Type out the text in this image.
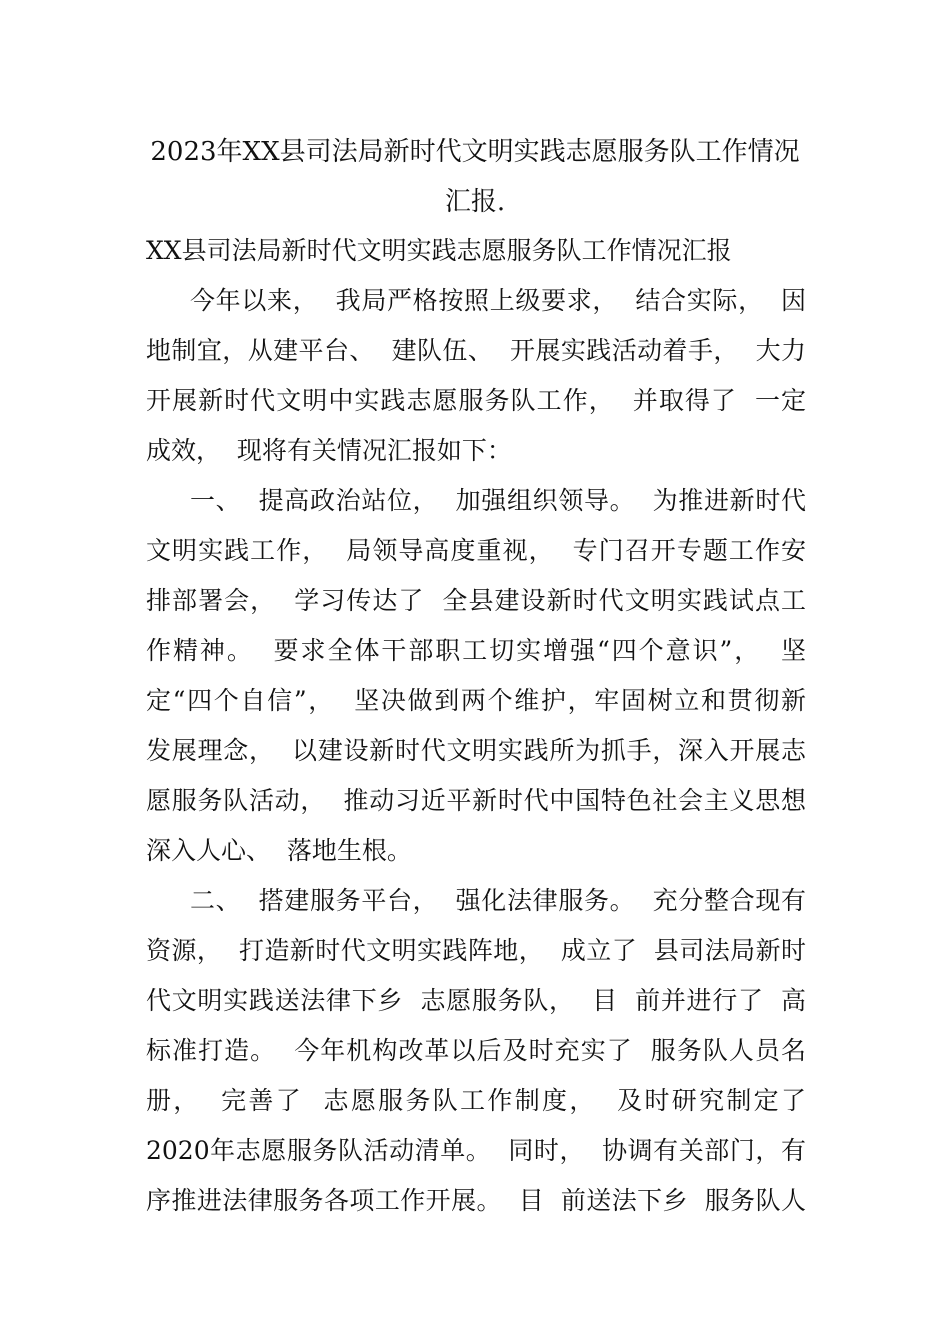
2023年XX县司法局新时代文明实践志愿服务队工作情况
汇报.
XX县司法局新时代文明实践志愿服务队工作情况汇报
今年以来，  我局严格按照上级要求，  结合实际，  因
地制宜，从建平台、  建队伍、  开展实践活动着手，  大力
开展新时代文明中实践志愿服务队工作，  并取得了  一定
成效，  现将有关情况汇报如下：
一、  提高政治站位，  加强组织领导。  为推进新时代
文明实践工作，  局领导高度重视，  专门召开专题工作安
排部署会，  学习传达了  全县建设新时代文明实践试点工
作精神。  要求全体干部职工切实增强“四个意识”，  坚
定“四个自信”，  坚决做到两个维护，牢固树立和贯彻新
发展理念，  以建设新时代文明实践所为抓手，深入开展志
愿服务队活动，  推动习近平新时代中国特色社会主义思想
深入人心、  落地生根。
二、  搭建服务平台，  强化法律服务。  充分整合现有
资源，  打造新时代文明实践阵地，  成立了  县司法局新时
代文明实践送法律下乡  志愿服务队，  目  前并进行了  高
标准打造。  今年机构改革以后及时充实了  服务队人员名
册，  完善了  志愿服务队工作制度，  及时研究制定了
2020年志愿服务队活动清单。  同时，  协调有关部门，有
序推进法律服务各项工作开展。  目  前送法下乡  服务队人
